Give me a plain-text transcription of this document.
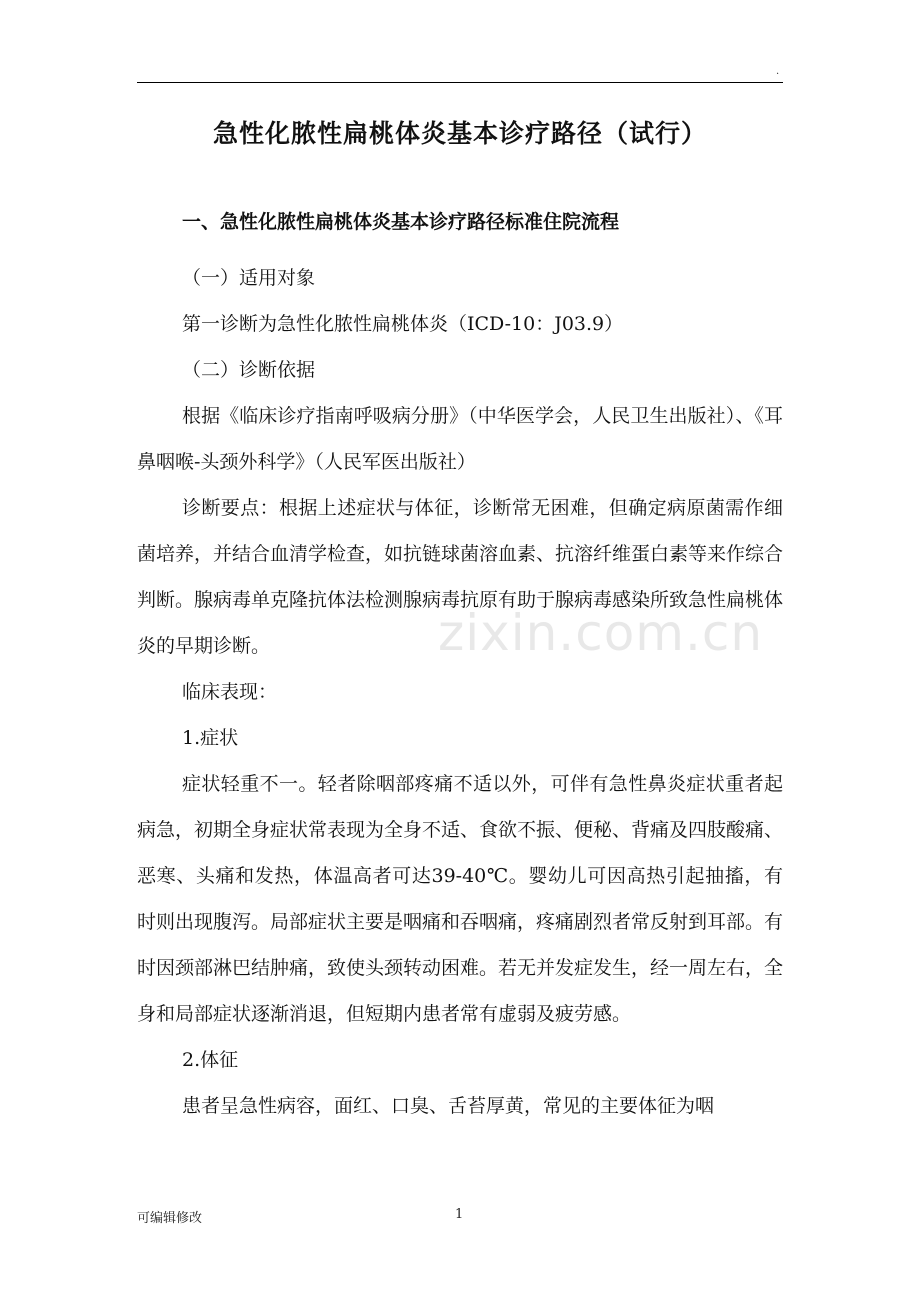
.
急性化脓性扁桃体炎基本诊疗路径（试行）
一、急性化脓性扁桃体炎基本诊疗路径标准住院流程

（一）适用对象

第一诊断为急性化脓性扁桃体炎（ICD-10：J03.9）

（二）诊断依据

根据《临床诊疗指南呼吸病分册》（中华医学会，人民卫生出版社）、《耳鼻咽喉-头颈外科学》（人民军医出版社）

诊断要点：根据上述症状与体征，诊断常无困难，但确定病原菌需作细菌培养，并结合血清学检查，如抗链球菌溶血素、抗溶纤维蛋白素等来作综合判断。腺病毒单克隆抗体法检测腺病毒抗原有助于腺病毒感染所致急性扁桃体炎的早期诊断。

临床表现：

1.症状

症状轻重不一。轻者除咽部疼痛不适以外，可伴有急性鼻炎症状重者起病急，初期全身症状常表现为全身不适、食欲不振、便秘、背痛及四肢酸痛、恶寒、头痛和发热，体温高者可达39-40℃。婴幼儿可因高热引起抽搐，有时则出现腹泻。局部症状主要是咽痛和吞咽痛，疼痛剧烈者常反射到耳部。有时因颈部淋巴结肿痛，致使头颈转动困难。若无并发症发生，经一周左右，全身和局部症状逐渐消退，但短期内患者常有虚弱及疲劳感。

2.体征

患者呈急性病容，面红、口臭、舌苔厚黄，常见的主要体征为咽

zixin.com.cn
可编辑修改	1
